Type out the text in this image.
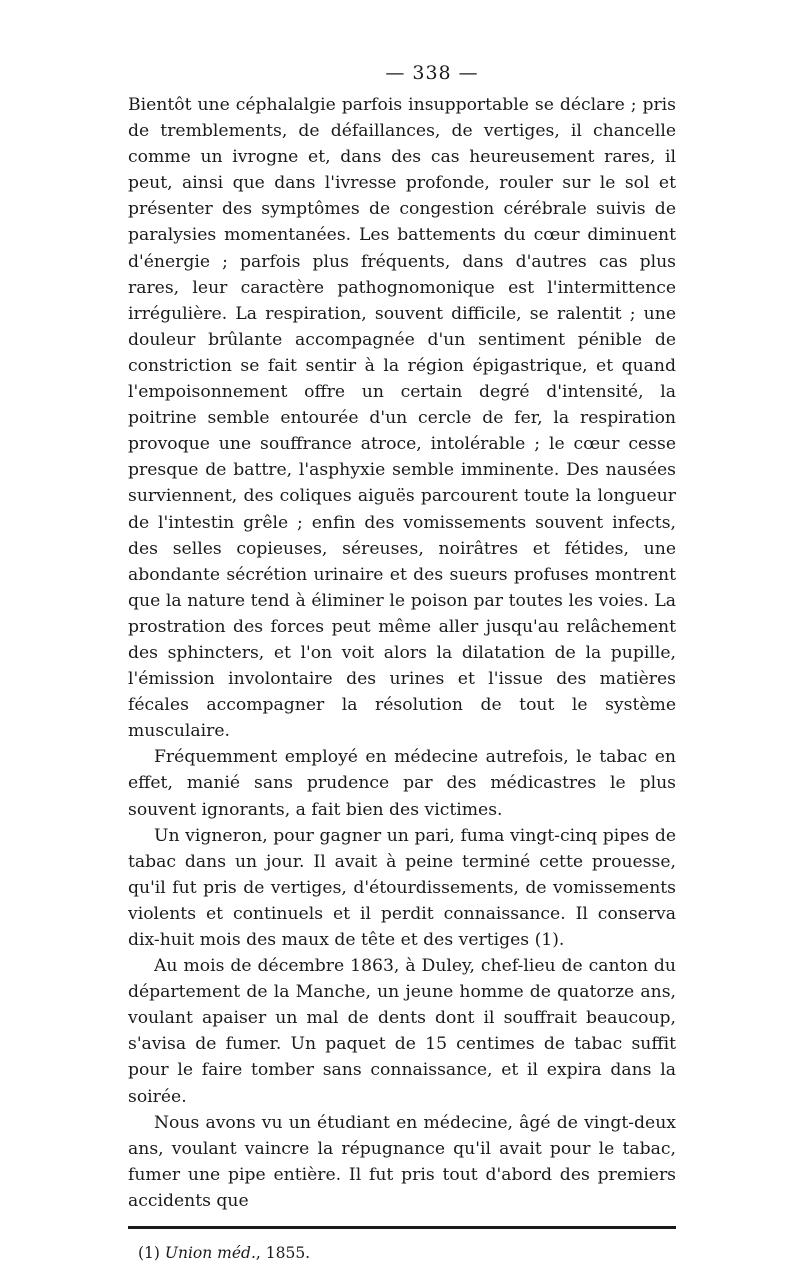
— 338 —

Bientôt une céphalalgie parfois insupportable se déclare ; pris de tremblements, de défaillances, de vertiges, il chancelle comme un ivrogne et, dans des cas heureusement rares, il peut, ainsi que dans l'ivresse profonde, rouler sur le sol et présenter des symptômes de congestion cérébrale suivis de paralysies momentanées. Les battements du cœur diminuent d'énergie ; parfois plus fréquents, dans d'autres cas plus rares, leur caractère pathognomonique est l'intermittence irrégulière. La respiration, souvent difficile, se ralentit ; une douleur brûlante accompagnée d'un sentiment pénible de constriction se fait sentir à la région épigastrique, et quand l'empoisonnement offre un certain degré d'intensité, la poitrine semble entourée d'un cercle de fer, la respiration provoque une souffrance atroce, intolérable ; le cœur cesse presque de battre, l'asphyxie semble imminente. Des nausées surviennent, des coliques aiguës parcourent toute la longueur de l'intestin grêle ; enfin des vomissements souvent infects, des selles copieuses, séreuses, noirâtres et fétides, une abondante sécrétion urinaire et des sueurs profuses montrent que la nature tend à éliminer le poison par toutes les voies. La prostration des forces peut même aller jusqu'au relâchement des sphincters, et l'on voit alors la dilatation de la pupille, l'émission involontaire des urines et l'issue des matières fécales accompagner la résolution de tout le système musculaire.

Fréquemment employé en médecine autrefois, le tabac en effet, manié sans prudence par des médicastres le plus souvent ignorants, a fait bien des victimes.

Un vigneron, pour gagner un pari, fuma vingt-cinq pipes de tabac dans un jour. Il avait à peine terminé cette prouesse, qu'il fut pris de vertiges, d'étourdissements, de vomissements violents et continuels et il perdit connaissance. Il conserva dix-huit mois des maux de tête et des vertiges (1).

Au mois de décembre 1863, à Duley, chef-lieu de canton du département de la Manche, un jeune homme de quatorze ans, voulant apaiser un mal de dents dont il souffrait beaucoup, s'avisa de fumer. Un paquet de 15 centimes de tabac suffit pour le faire tomber sans connaissance, et il expira dans la soirée.

Nous avons vu un étudiant en médecine, âgé de vingt-deux ans, voulant vaincre la répugnance qu'il avait pour le tabac, fumer une pipe entière. Il fut pris tout d'abord des premiers accidents que

(1) Union méd., 1855.
